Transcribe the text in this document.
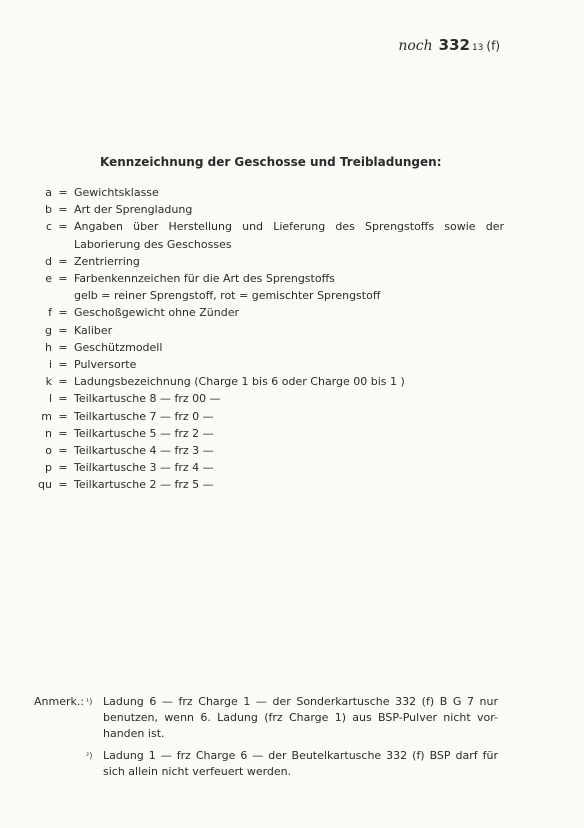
noch 332 13 (f)
Kennzeichnung der Geschosse und Treibladungen:
a = Gewichtsklasse
b = Art der Sprengladung
c = Angaben über Herstellung und Lieferung des Sprengstoffs sowie der
Laborierung des Geschosses
d = Zentrierring
e = Farbenkennzeichen für die Art des Sprengstoffs
gelb = reiner Sprengstoff, rot = gemischter Sprengstoff
f = Geschoßgewicht ohne Zünder
g = Kaliber
h = Geschützmodell
i = Pulversorte
k = Ladungsbezeichnung (Charge 1 bis 6 oder Charge 00 bis 1 )
l = Teilkartusche 8 — frz 00 —
m = Teilkartusche 7 — frz 0 —
n = Teilkartusche 5 — frz 2 —
o = Teilkartusche 4 — frz 3 —
p = Teilkartusche 3 — frz 4 —
qu = Teilkartusche 2 — frz 5 —
Anmerk.: ¹) Ladung 6 — frz Charge 1 — der Sonderkartusche 332 (f) B G 7 nur
benutzen, wenn 6. Ladung (frz Charge 1) aus BSP-Pulver nicht vor-
handen ist.
²) Ladung 1 — frz Charge 6 — der Beutelkartusche 332 (f) BSP darf für
sich allein nicht verfeuert werden.
